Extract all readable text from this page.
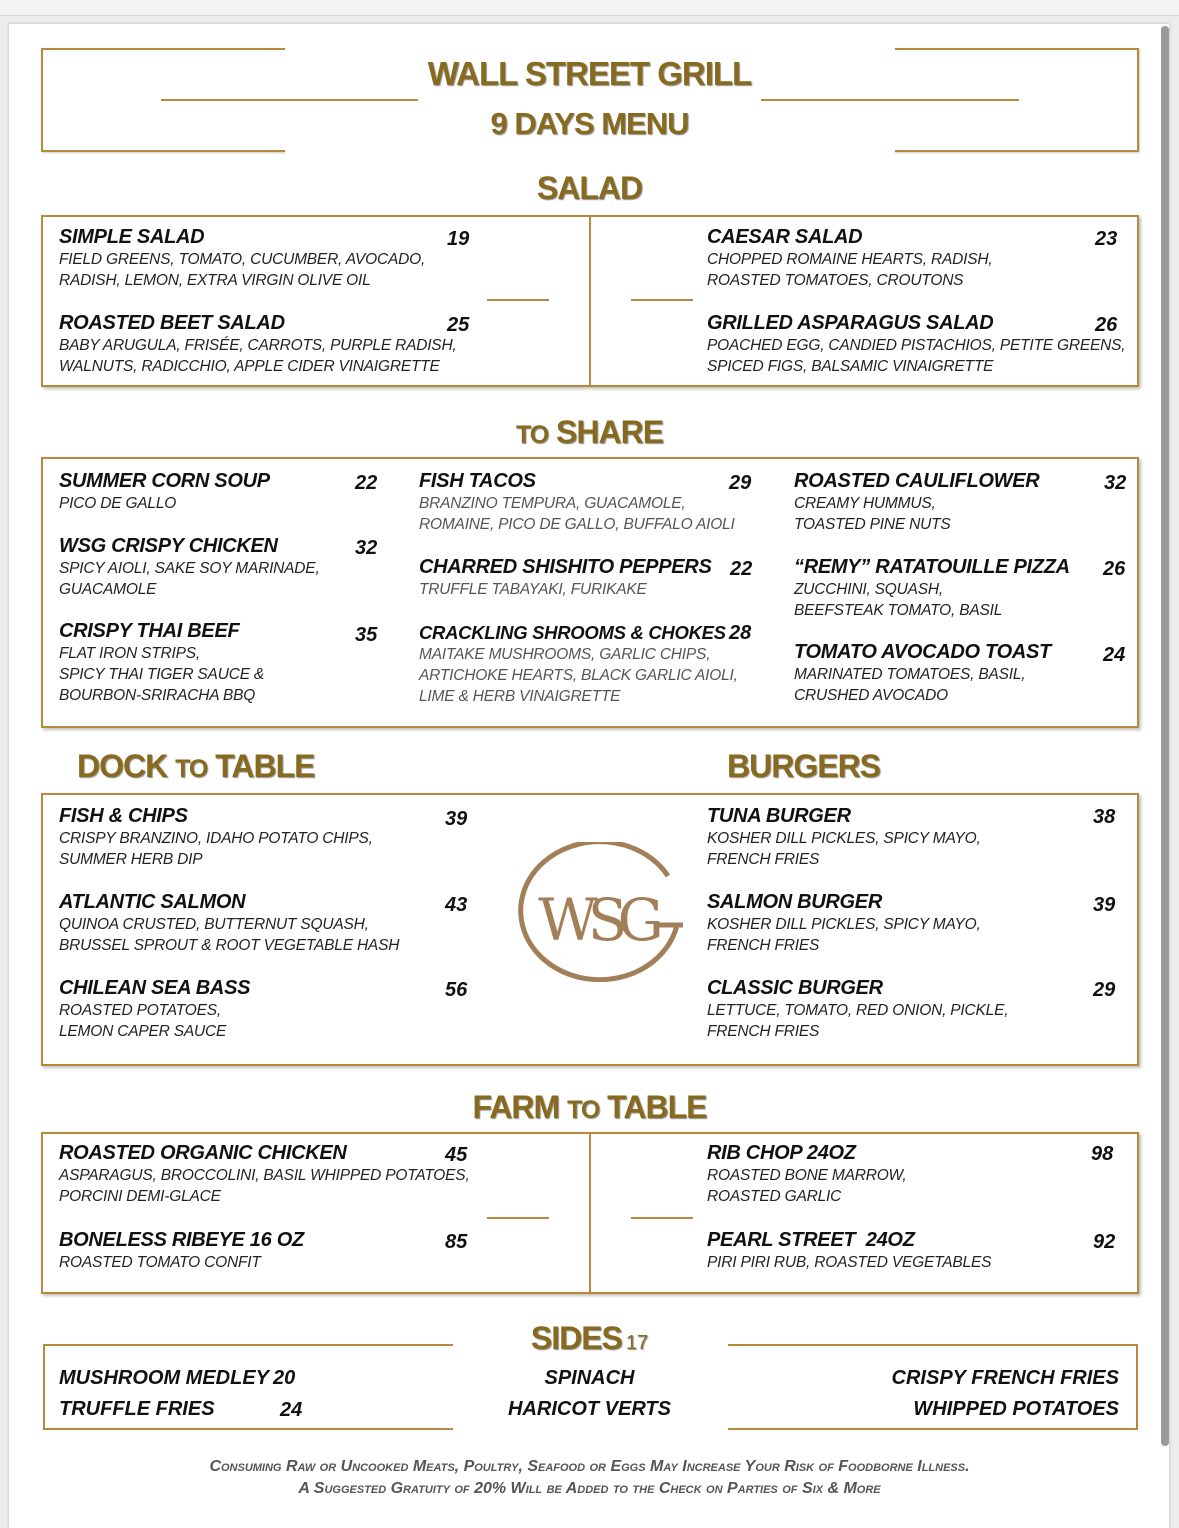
WALL STREET GRILL
9 DAYS MENU
SALAD
SIMPLE SALAD
FIELD GREENS, TOMATO, CUCUMBER, AVOCADO,
RADISH, LEMON, EXTRA VIRGIN OLIVE OIL
19
ROASTED BEET SALAD
BABY ARUGULA, FRISÉE, CARROTS, PURPLE RADISH,
WALNUTS, RADICCHIO, APPLE CIDER VINAIGRETTE
25
CAESAR SALAD
CHOPPED ROMAINE HEARTS, RADISH,
ROASTED TOMATOES, CROUTONS
23
GRILLED ASPARAGUS SALAD
POACHED EGG, CANDIED PISTACHIOS, PETITE GREENS,
SPICED FIGS, BALSAMIC VINAIGRETTE
26
TO SHARE
SUMMER CORN SOUP
PICO DE GALLO
22
WSG CRISPY CHICKEN
SPICY AIOLI, SAKE SOY MARINADE,
GUACAMOLE
32
CRISPY THAI BEEF
FLAT IRON STRIPS,
SPICY THAI TIGER SAUCE &
BOURBON-SRIRACHA BBQ
35
FISH TACOS
BRANZINO TEMPURA, GUACAMOLE,
ROMAINE, PICO DE GALLO, BUFFALO AIOLI
29
CHARRED SHISHITO PEPPERS
TRUFFLE TABAYAKI, FURIKAKE
22
CRACKLING SHROOMS & CHOKES
MAITAKE MUSHROOMS, GARLIC CHIPS,
ARTICHOKE HEARTS, BLACK GARLIC AIOLI,
LIME & HERB VINAIGRETTE
28
ROASTED CAULIFLOWER
CREAMY HUMMUS,
TOASTED PINE NUTS
32
“REMY” RATATOUILLE PIZZA
ZUCCHINI, SQUASH,
BEEFSTEAK TOMATO, BASIL
26
TOMATO AVOCADO TOAST
MARINATED TOMATOES, BASIL,
CRUSHED AVOCADO
24
DOCK TO TABLE	BURGERS
FISH & CHIPS
CRISPY BRANZINO, IDAHO POTATO CHIPS,
SUMMER HERB DIP
39
ATLANTIC SALMON
QUINOA CRUSTED, BUTTERNUT SQUASH,
BRUSSEL SPROUT & ROOT VEGETABLE HASH
43
CHILEAN SEA BASS
ROASTED POTATOES,
LEMON CAPER SAUCE
56
WSG
TUNA BURGER
KOSHER DILL PICKLES, SPICY MAYO,
FRENCH FRIES
38
SALMON BURGER
KOSHER DILL PICKLES, SPICY MAYO,
FRENCH FRIES
39
CLASSIC BURGER
LETTUCE, TOMATO, RED ONION, PICKLE,
FRENCH FRIES
29
FARM TO TABLE
ROASTED ORGANIC CHICKEN
ASPARAGUS, BROCCOLINI, BASIL WHIPPED POTATOES,
PORCINI DEMI-GLACE
45
BONELESS RIBEYE 16 OZ
ROASTED TOMATO CONFIT
85
RIB CHOP 24OZ
ROASTED BONE MARROW,
ROASTED GARLIC
98
PEARL STREET  24OZ
PIRI PIRI RUB, ROASTED VEGETABLES
92
SIDES 17
MUSHROOM MEDLEY 20
TRUFFLE FRIES	24
SPINACH
HARICOT VERTS
CRISPY FRENCH FRIES
WHIPPED POTATOES
Consuming Raw or Uncooked Meats, Poultry, Seafood or Eggs May Increase Your Risk of Foodborne Illness.
A Suggested Gratuity of 20% Will be Added to the Check on Parties of Six & More
